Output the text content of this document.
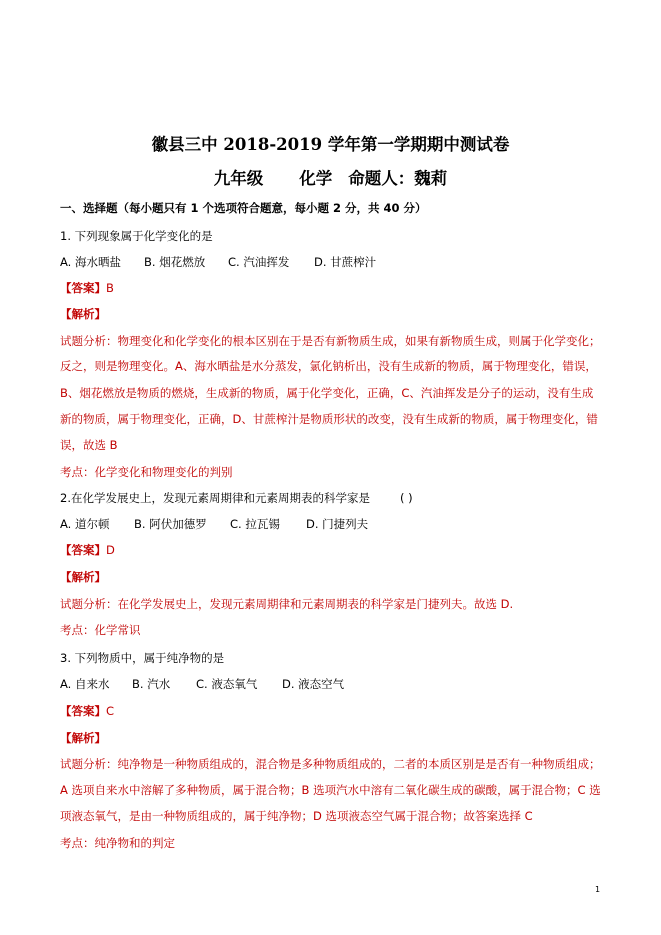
徽县三中 2018-2019 学年第一学期期中测试卷
九年级 化学 命题人：魏莉
一、选择题（每小题只有 1 个选项符合题意，每小题 2 分，共 40 分）
1. 下列现象属于化学变化的是
A. 海水晒盐 B. 烟花燃放 C. 汽油挥发 D. 甘蔗榨汁
【答案】B
【解析】
试题分析：物理变化和化学变化的根本区别在于是否有新物质生成，如果有新物质生成，则属于化学变化；
反之，则是物理变化。A、海水晒盐是水分蒸发，氯化钠析出，没有生成新的物质，属于物理变化，错误，
B、烟花燃放是物质的燃烧，生成新的物质，属于化学变化，正确，C、汽油挥发是分子的运动，没有生成
新的物质，属于物理变化，正确，D、甘蔗榨汁是物质形状的改变，没有生成新的物质，属于物理变化，错
误，故选 B
考点：化学变化和物理变化的判别
2.在化学发展史上，发现元素周期律和元素周期表的科学家是	( )
A. 道尔顿 B. 阿伏加德罗 C. 拉瓦锡 D. 门捷列夫
【答案】D
【解析】
试题分析：在化学发展史上，发现元素周期律和元素周期表的科学家是门捷列夫。故选 D.
考点：化学常识
3. 下列物质中，属于纯净物的是
A. 自来水 B. 汽水 C. 液态氧气 D. 液态空气
【答案】C
【解析】
试题分析：纯净物是一种物质组成的，混合物是多种物质组成的，二者的本质区别是是否有一种物质组成；
A 选项自来水中溶解了多种物质，属于混合物；B 选项汽水中溶有二氧化碳生成的碳酸，属于混合物；C 选
项液态氧气，是由一种物质组成的，属于纯净物；D 选项液态空气属于混合物；故答案选择 C
考点：纯净物和的判定
1
